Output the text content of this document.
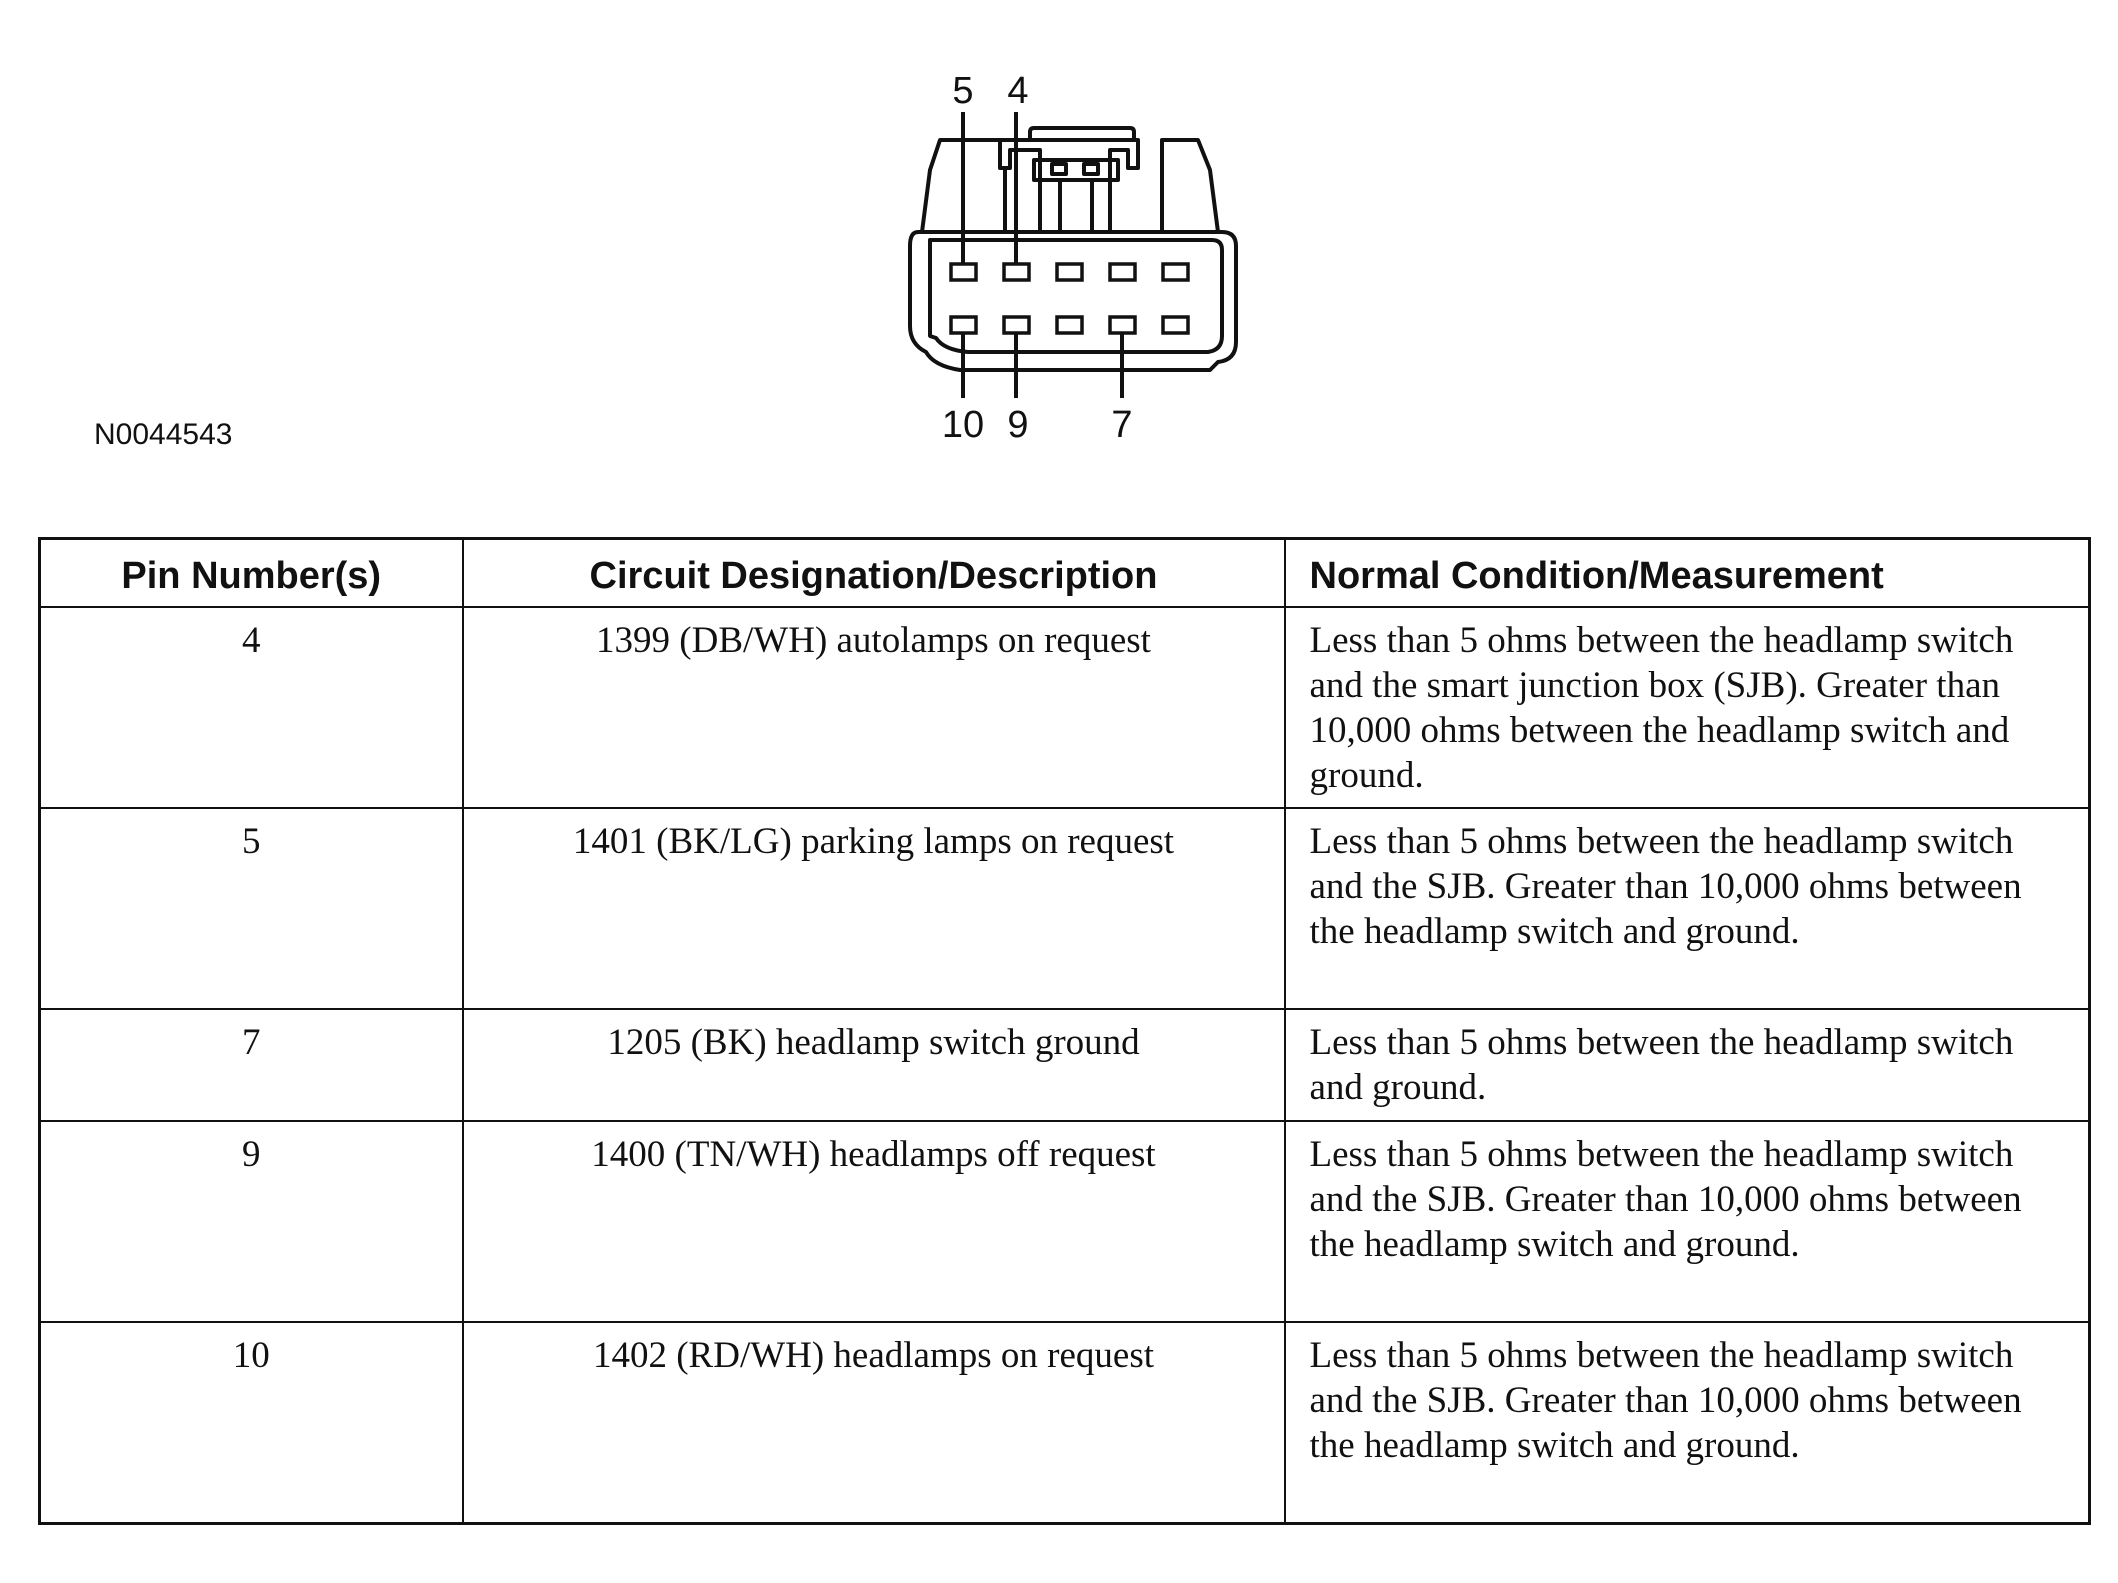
N0044543
5 4
10 9 7
Pin Number(s)	Circuit Designation/Description	Normal Condition/Measurement
4	1399 (DB/WH) autolamps on request	Less than 5 ohms between the headlamp switch and the smart junction box (SJB). Greater than 10,000 ohms between the headlamp switch and ground.
5	1401 (BK/LG) parking lamps on request	Less than 5 ohms between the headlamp switch and the SJB. Greater than 10,000 ohms between the headlamp switch and ground.
7	1205 (BK) headlamp switch ground	Less than 5 ohms between the headlamp switch and ground.
9	1400 (TN/WH) headlamps off request	Less than 5 ohms between the headlamp switch and the SJB. Greater than 10,000 ohms between the headlamp switch and ground.
10	1402 (RD/WH) headlamps on request	Less than 5 ohms between the headlamp switch and the SJB. Greater than 10,000 ohms between the headlamp switch and ground.
